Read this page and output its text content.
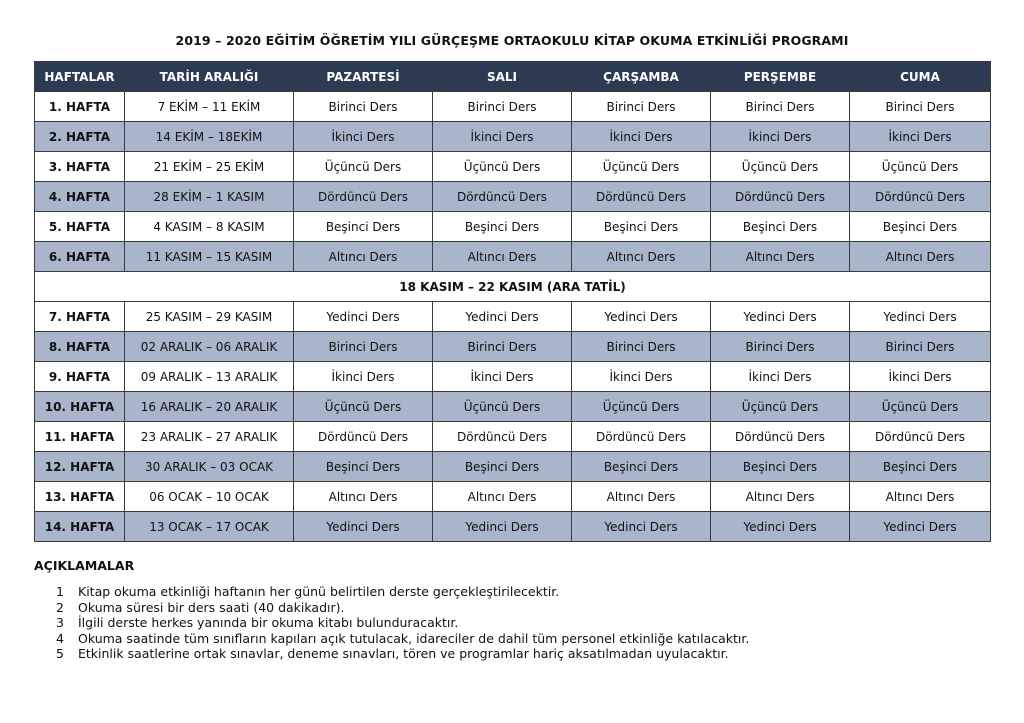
2019 – 2020 EĞİTİM ÖĞRETİM YILI GÜRÇEŞME ORTAOKULU KİTAP OKUMA ETKİNLİĞİ PROGRAMI
HAFTALAR	TARİH ARALIĞI	PAZARTESİ	SALI	ÇARŞAMBA	PERŞEMBE	CUMA
1. HAFTA	7 EKİM – 11 EKİM	Birinci Ders	Birinci Ders	Birinci Ders	Birinci Ders	Birinci Ders
2. HAFTA	14 EKİM – 18EKİM	İkinci Ders	İkinci Ders	İkinci Ders	İkinci Ders	İkinci Ders
3. HAFTA	21 EKİM – 25 EKİM	Üçüncü Ders	Üçüncü Ders	Üçüncü Ders	Üçüncü Ders	Üçüncü Ders
4. HAFTA	28 EKİM – 1 KASIM	Dördüncü Ders	Dördüncü Ders	Dördüncü Ders	Dördüncü Ders	Dördüncü Ders
5. HAFTA	4 KASIM – 8 KASIM	Beşinci Ders	Beşinci Ders	Beşinci Ders	Beşinci Ders	Beşinci Ders
6. HAFTA	11 KASIM – 15 KASIM	Altıncı Ders	Altıncı Ders	Altıncı Ders	Altıncı Ders	Altıncı Ders
18 KASIM – 22 KASIM (ARA TATİL)						
7. HAFTA	25 KASIM – 29 KASIM	Yedinci Ders	Yedinci Ders	Yedinci Ders	Yedinci Ders	Yedinci Ders
8. HAFTA	02 ARALIK – 06 ARALIK	Birinci Ders	Birinci Ders	Birinci Ders	Birinci Ders	Birinci Ders
9. HAFTA	09 ARALIK – 13 ARALIK	İkinci Ders	İkinci Ders	İkinci Ders	İkinci Ders	İkinci Ders
10. HAFTA	16 ARALIK – 20 ARALIK	Üçüncü Ders	Üçüncü Ders	Üçüncü Ders	Üçüncü Ders	Üçüncü Ders
11. HAFTA	23 ARALIK – 27 ARALIK	Dördüncü Ders	Dördüncü Ders	Dördüncü Ders	Dördüncü Ders	Dördüncü Ders
12. HAFTA	30 ARALIK – 03 OCAK	Beşinci Ders	Beşinci Ders	Beşinci Ders	Beşinci Ders	Beşinci Ders
13. HAFTA	06 OCAK – 10 OCAK	Altıncı Ders	Altıncı Ders	Altıncı Ders	Altıncı Ders	Altıncı Ders
14. HAFTA	13 OCAK – 17 OCAK	Yedinci Ders	Yedinci Ders	Yedinci Ders	Yedinci Ders	Yedinci Ders
AÇIKLAMALAR
1 Kitap okuma etkinliği haftanın her günü belirtilen derste gerçekleştirilecektir.
2 Okuma süresi bir ders saati (40 dakikadır).
3 İlgili derste herkes yanında bir okuma kitabı bulunduracaktır.
4 Okuma saatinde tüm sınıfların kapıları açık tutulacak, idareciler de dahil tüm personel etkinliğe katılacaktır.
5 Etkinlik saatlerine ortak sınavlar, deneme sınavları, tören ve programlar hariç aksatılmadan uyulacaktır.
